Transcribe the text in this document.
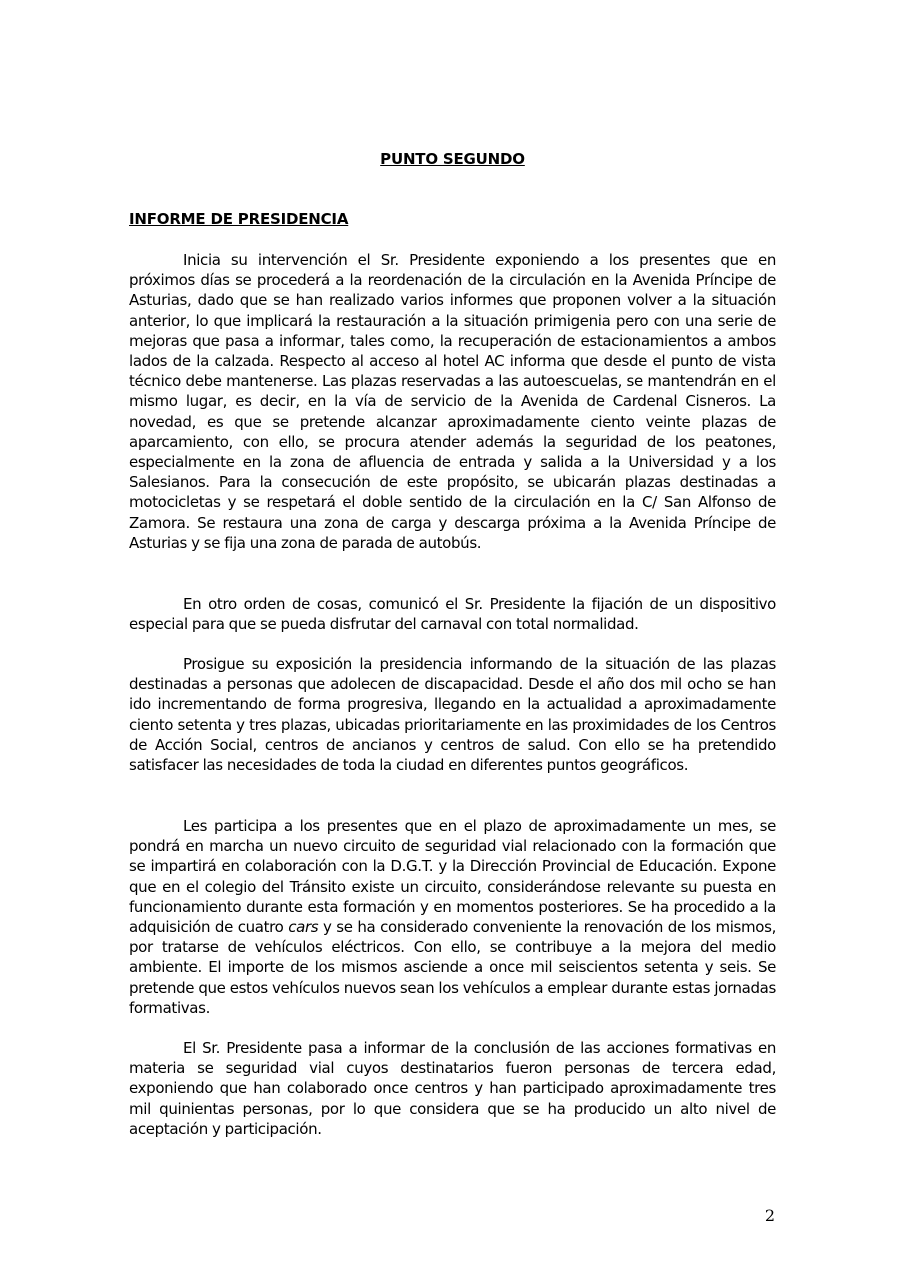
PUNTO SEGUNDO
INFORME DE PRESIDENCIA

Inicia su intervención el Sr. Presidente exponiendo a los presentes que en próximos días se procederá a la reordenación de la circulación en la Avenida Príncipe de Asturias, dado que se han realizado varios informes que proponen volver a la situación anterior, lo que implicará la restauración a la situación primigenia pero con una serie de mejoras que pasa a informar, tales como, la recuperación de estacionamientos a ambos lados de la calzada. Respecto al acceso al hotel AC informa que desde el punto de vista técnico debe mantenerse. Las plazas reservadas a las autoescuelas, se mantendrán en el mismo lugar, es decir, en la vía de servicio de la Avenida de Cardenal Cisneros. La novedad, es que se pretende alcanzar aproximadamente ciento veinte plazas de aparcamiento, con ello, se procura atender además la seguridad de los peatones, especialmente en la zona de afluencia de entrada y salida a la Universidad y a los Salesianos. Para la consecución de este propósito, se ubicarán plazas destinadas a motocicletas y se respetará el doble sentido de la circulación en la C/ San Alfonso de Zamora. Se restaura una zona de carga y descarga próxima a la Avenida Príncipe de Asturias y se fija una zona de parada de autobús.

En otro orden de cosas, comunicó el Sr. Presidente la fijación de un dispositivo especial para que se pueda disfrutar del carnaval con total normalidad.

Prosigue su exposición la presidencia informando de la situación de las plazas destinadas a personas que adolecen de discapacidad. Desde el año dos mil ocho se han ido incrementando de forma progresiva, llegando en la actualidad a aproximadamente ciento setenta y tres plazas, ubicadas prioritariamente en las proximidades de los Centros de Acción Social, centros de ancianos y centros de salud. Con ello se ha pretendido satisfacer las necesidades de toda la ciudad en diferentes puntos geográficos.

Les participa a los presentes que en el plazo de aproximadamente un mes, se pondrá en marcha un nuevo circuito de seguridad vial relacionado con la formación que se impartirá en colaboración con la D.G.T. y la Dirección Provincial de Educación. Expone que en el colegio del Tránsito existe un circuito, considerándose relevante su puesta en funcionamiento durante esta formación y en momentos posteriores. Se ha procedido a la adquisición de cuatro cars y se ha considerado conveniente la renovación de los mismos, por tratarse de vehículos eléctricos. Con ello, se contribuye a la mejora del medio ambiente. El importe de los mismos asciende a once mil seiscientos setenta y seis. Se pretende que estos vehículos nuevos sean los vehículos a emplear durante estas jornadas formativas.

El Sr. Presidente pasa a informar de la conclusión de las acciones formativas en materia se seguridad vial cuyos destinatarios fueron personas de tercera edad, exponiendo que han colaborado once centros y han participado aproximadamente tres mil quinientas personas, por lo que considera que se ha producido un alto nivel de aceptación y participación.

2
